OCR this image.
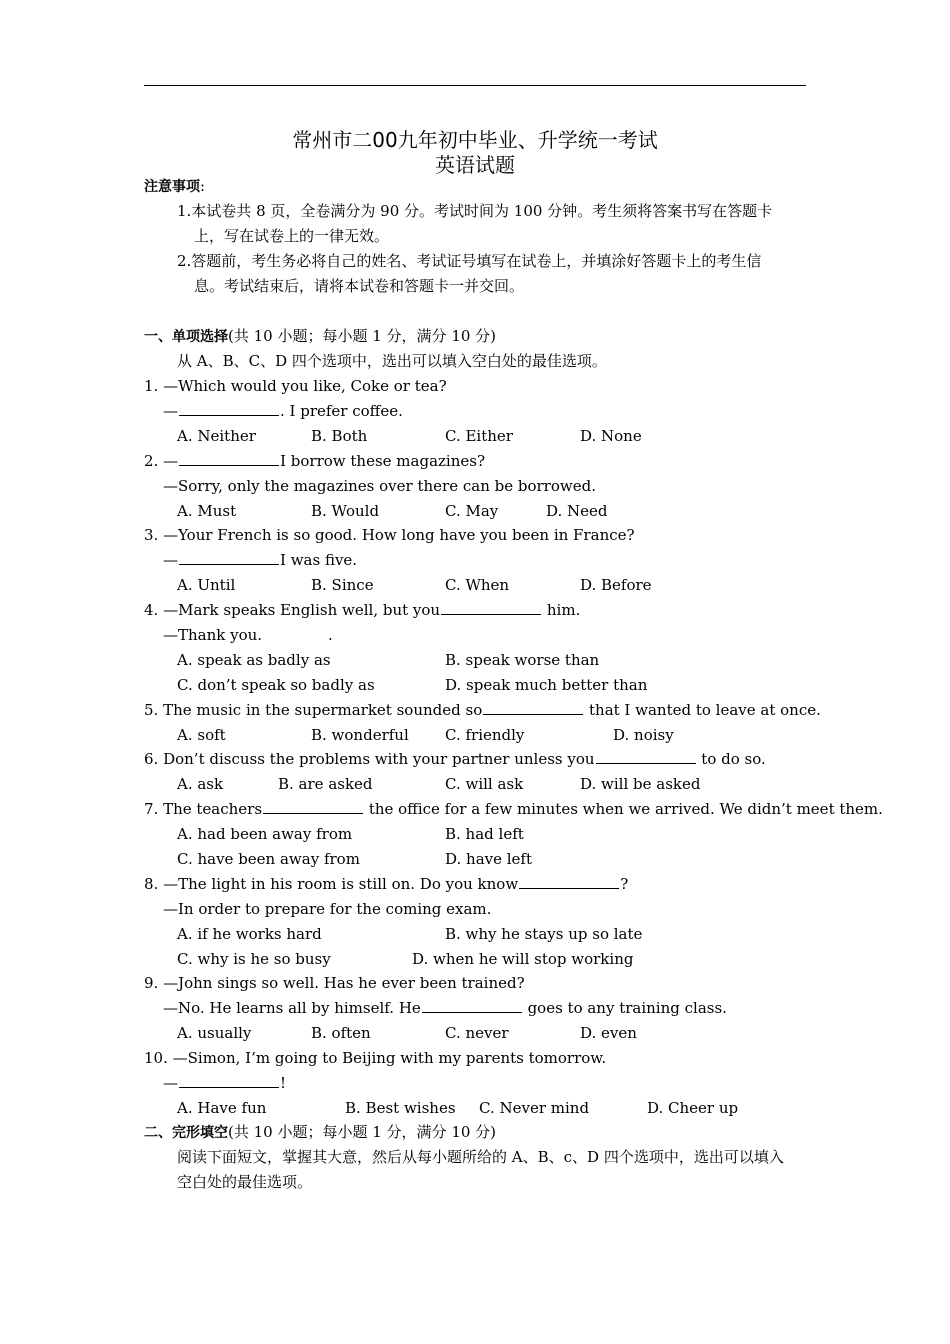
常州市二00九年初中毕业、升学统一考试
英语试题
注意事项:
1.本试卷共 8 页，全卷满分为 90 分。考试时间为 100 分钟。考生须将答案书写在答题卡
上，写在试卷上的一律无效。
2.答题前，考生务必将自己的姓名、考试证号填写在试卷上，并填涂好答题卡上的考生信
息。考试结束后，请将本试卷和答题卡一并交回。
一、单项选择(共 10 小题；每小题 1 分，满分 10 分)
从 A、B、C、D 四个选项中，选出可以填入空白处的最佳选项。
1. —Which would you like, Coke or tea?
—	. I prefer coffee.
A. Neither	B. Both	C. Either	D. None
2. —	I borrow these magazines?
—Sorry, only the magazines over there can be borrowed.
A. Must	B. Would	C. May	D. Need
3. —Your French is so good. How long have you been in France?
—	I was five.
A. Until	B. Since	C. When	D. Before
4. —Mark speaks English well, but you	him.
—Thank you.	.
A. speak as badly as	B. speak worse than
C. don’t speak so badly as	D. speak much better than
5. The music in the supermarket sounded so	that I wanted to leave at once.
A. soft	B. wonderful C. friendly	D. noisy
6. Don’t discuss the problems with your partner unless you	to do so.
A. ask	B. are asked	C. will ask	D. will be asked
7. The teachers	the office for a few minutes when we arrived. We didn’t meet them.
A. had been away from	B. had left
C. have been away from	D. have left
8. —The light in his room is still on. Do you know	?
—In order to prepare for the coming exam.
A. if he works hard	B. why he stays up so late
C. why is he so busy	D. when he will stop working
9. —John sings so well. Has he ever been trained?
—No. He learns all by himself. He	goes to any training class.
A. usually	B. often	C. never	D. even
10. —Simon, I’m going to Beijing with my parents tomorrow.
—	!
A. Have fun	B. Best wishes C. Never mind	D. Cheer up
二、完形填空(共 10 小题；每小题 1 分，满分 10 分)
阅读下面短文，掌握其大意，然后从每小题所给的 A、B、c、D 四个选项中，选出可以填入
空白处的最佳选项。
